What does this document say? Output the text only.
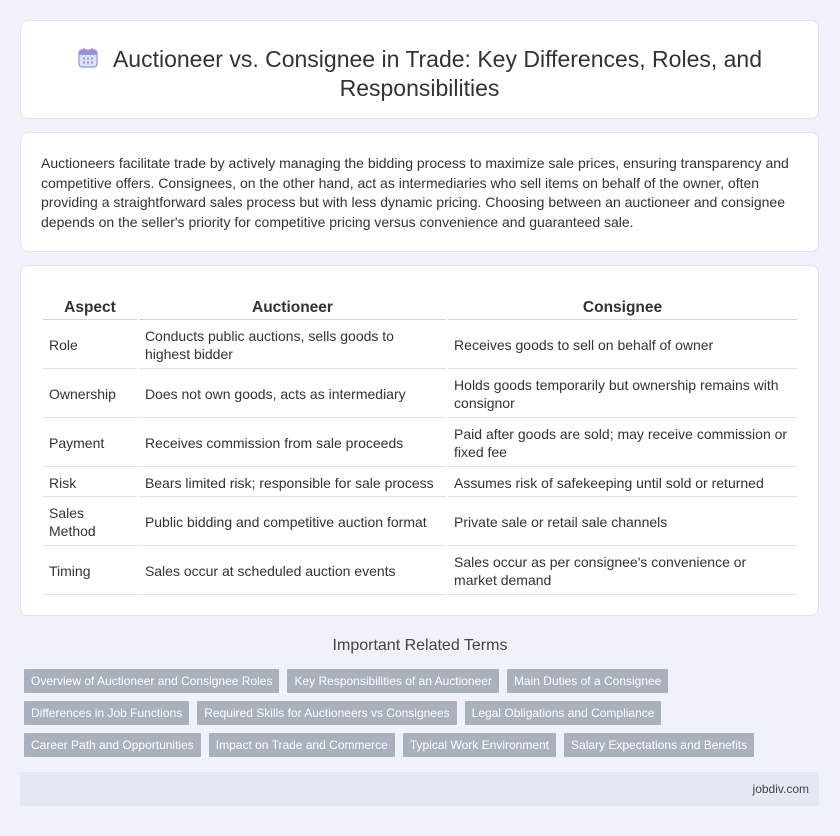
Auctioneer vs. Consignee in Trade: Key Differences, Roles, and Responsibilities

Auctioneers facilitate trade by actively managing the bidding process to maximize sale prices, ensuring transparency and competitive offers. Consignees, on the other hand, act as intermediaries who sell items on behalf of the owner, often providing a straightforward sales process but with less dynamic pricing. Choosing between an auctioneer and consignee depends on the seller's priority for competitive pricing versus convenience and guaranteed sale.

Aspect	Auctioneer	Consignee
Role	Conducts public auctions, sells goods to highest bidder	Receives goods to sell on behalf of owner
Ownership	Does not own goods, acts as intermediary	Holds goods temporarily but ownership remains with consignor
Payment	Receives commission from sale proceeds	Paid after goods are sold; may receive commission or fixed fee
Risk	Bears limited risk; responsible for sale process	Assumes risk of safekeeping until sold or returned
Sales Method	Public bidding and competitive auction format	Private sale or retail sale channels
Timing	Sales occur at scheduled auction events	Sales occur as per consignee's convenience or market demand
Important Related Terms
Overview of Auctioneer and Consignee Roles	Key Responsibilities of an Auctioneer	Main Duties of a Consignee
Differences in Job Functions	Required Skills for Auctioneers vs Consignees	Legal Obligations and Compliance
Career Path and Opportunities	Impact on Trade and Commerce	Typical Work Environment	Salary Expectations and Benefits
jobdiv.com
